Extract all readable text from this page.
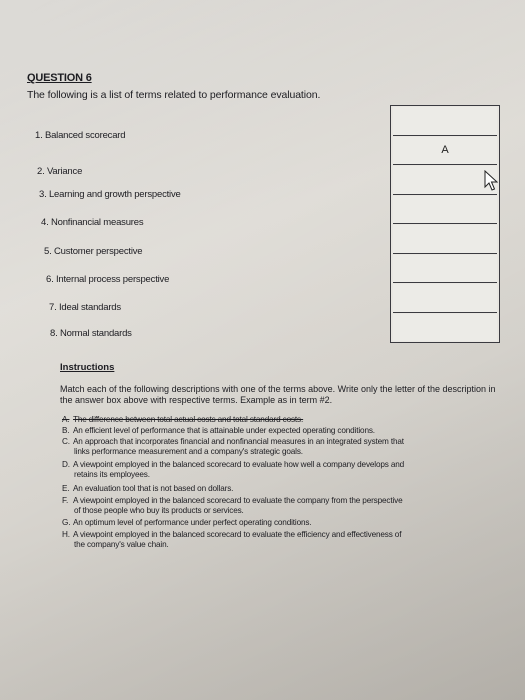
QUESTION 6
The following is a list of terms related to performance evaluation.
1. Balanced scorecard
2. Variance
3. Learning and growth perspective
4. Nonfinancial measures
5. Customer perspective
6. Internal process perspective
7. Ideal standards
8. Normal standards
A
Instructions
Match each of the following descriptions with one of the terms above. Write only the letter of the description in the answer box above with respective terms. Example as in term #2.
A. The difference between total actual costs and total standard costs.
B. An efficient level of performance that is attainable under expected operating conditions.
C. An approach that incorporates financial and nonfinancial measures in an integrated system that
links performance measurement and a company's strategic goals.
D. A viewpoint employed in the balanced scorecard to evaluate how well a company develops and
retains its employees.
E. An evaluation tool that is not based on dollars.
F. A viewpoint employed in the balanced scorecard to evaluate the company from the perspective
of those people who buy its products or services.
G. An optimum level of performance under perfect operating conditions.
H. A viewpoint employed in the balanced scorecard to evaluate the efficiency and effectiveness of
the company's value chain.
